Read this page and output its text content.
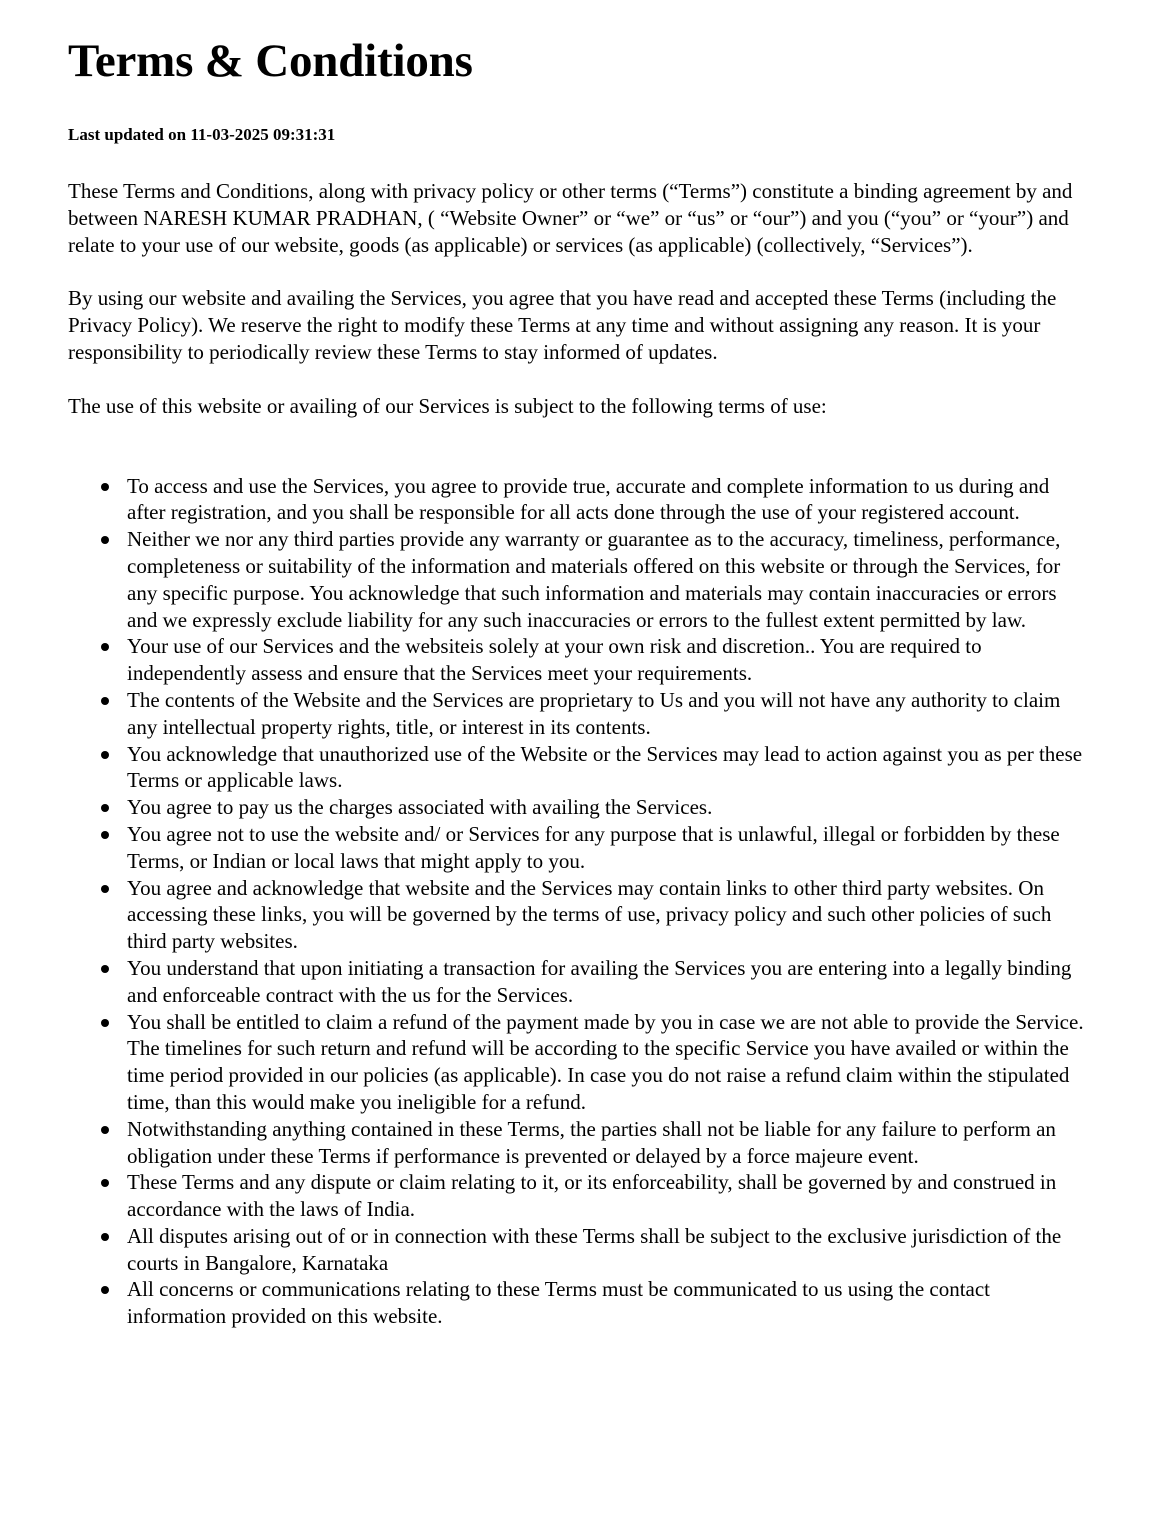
Terms & Conditions
Last updated on 11-03-2025 09:31:31

These Terms and Conditions, along with privacy policy or other terms (“Terms”) constitute a binding agreement by and between NARESH KUMAR PRADHAN, ( “Website Owner” or “we” or “us” or “our”) and you (“you” or “your”) and relate to your use of our website, goods (as applicable) or services (as applicable) (collectively, “Services”).

By using our website and availing the Services, you agree that you have read and accepted these Terms (including the Privacy Policy). We reserve the right to modify these Terms at any time and without assigning any reason. It is your responsibility to periodically review these Terms to stay informed of updates.

The use of this website or availing of our Services is subject to the following terms of use:

To access and use the Services, you agree to provide true, accurate and complete information to us during and after registration, and you shall be responsible for all acts done through the use of your registered account.
Neither we nor any third parties provide any warranty or guarantee as to the accuracy, timeliness, performance, completeness or suitability of the information and materials offered on this website or through the Services, for any specific purpose. You acknowledge that such information and materials may contain inaccuracies or errors and we expressly exclude liability for any such inaccuracies or errors to the fullest extent permitted by law.
Your use of our Services and the websiteis solely at your own risk and discretion.. You are required to independently assess and ensure that the Services meet your requirements.
The contents of the Website and the Services are proprietary to Us and you will not have any authority to claim any intellectual property rights, title, or interest in its contents.
You acknowledge that unauthorized use of the Website or the Services may lead to action against you as per these Terms or applicable laws.
You agree to pay us the charges associated with availing the Services.
You agree not to use the website and/ or Services for any purpose that is unlawful, illegal or forbidden by these Terms, or Indian or local laws that might apply to you.
You agree and acknowledge that website and the Services may contain links to other third party websites. On accessing these links, you will be governed by the terms of use, privacy policy and such other policies of such third party websites.
You understand that upon initiating a transaction for availing the Services you are entering into a legally binding and enforceable contract with the us for the Services.
You shall be entitled to claim a refund of the payment made by you in case we are not able to provide the Service. The timelines for such return and refund will be according to the specific Service you have availed or within the time period provided in our policies (as applicable). In case you do not raise a refund claim within the stipulated time, than this would make you ineligible for a refund.
Notwithstanding anything contained in these Terms, the parties shall not be liable for any failure to perform an obligation under these Terms if performance is prevented or delayed by a force majeure event.
These Terms and any dispute or claim relating to it, or its enforceability, shall be governed by and construed in accordance with the laws of India.
All disputes arising out of or in connection with these Terms shall be subject to the exclusive jurisdiction of the courts in Bangalore, Karnataka
All concerns or communications relating to these Terms must be communicated to us using the contact information provided on this website.
